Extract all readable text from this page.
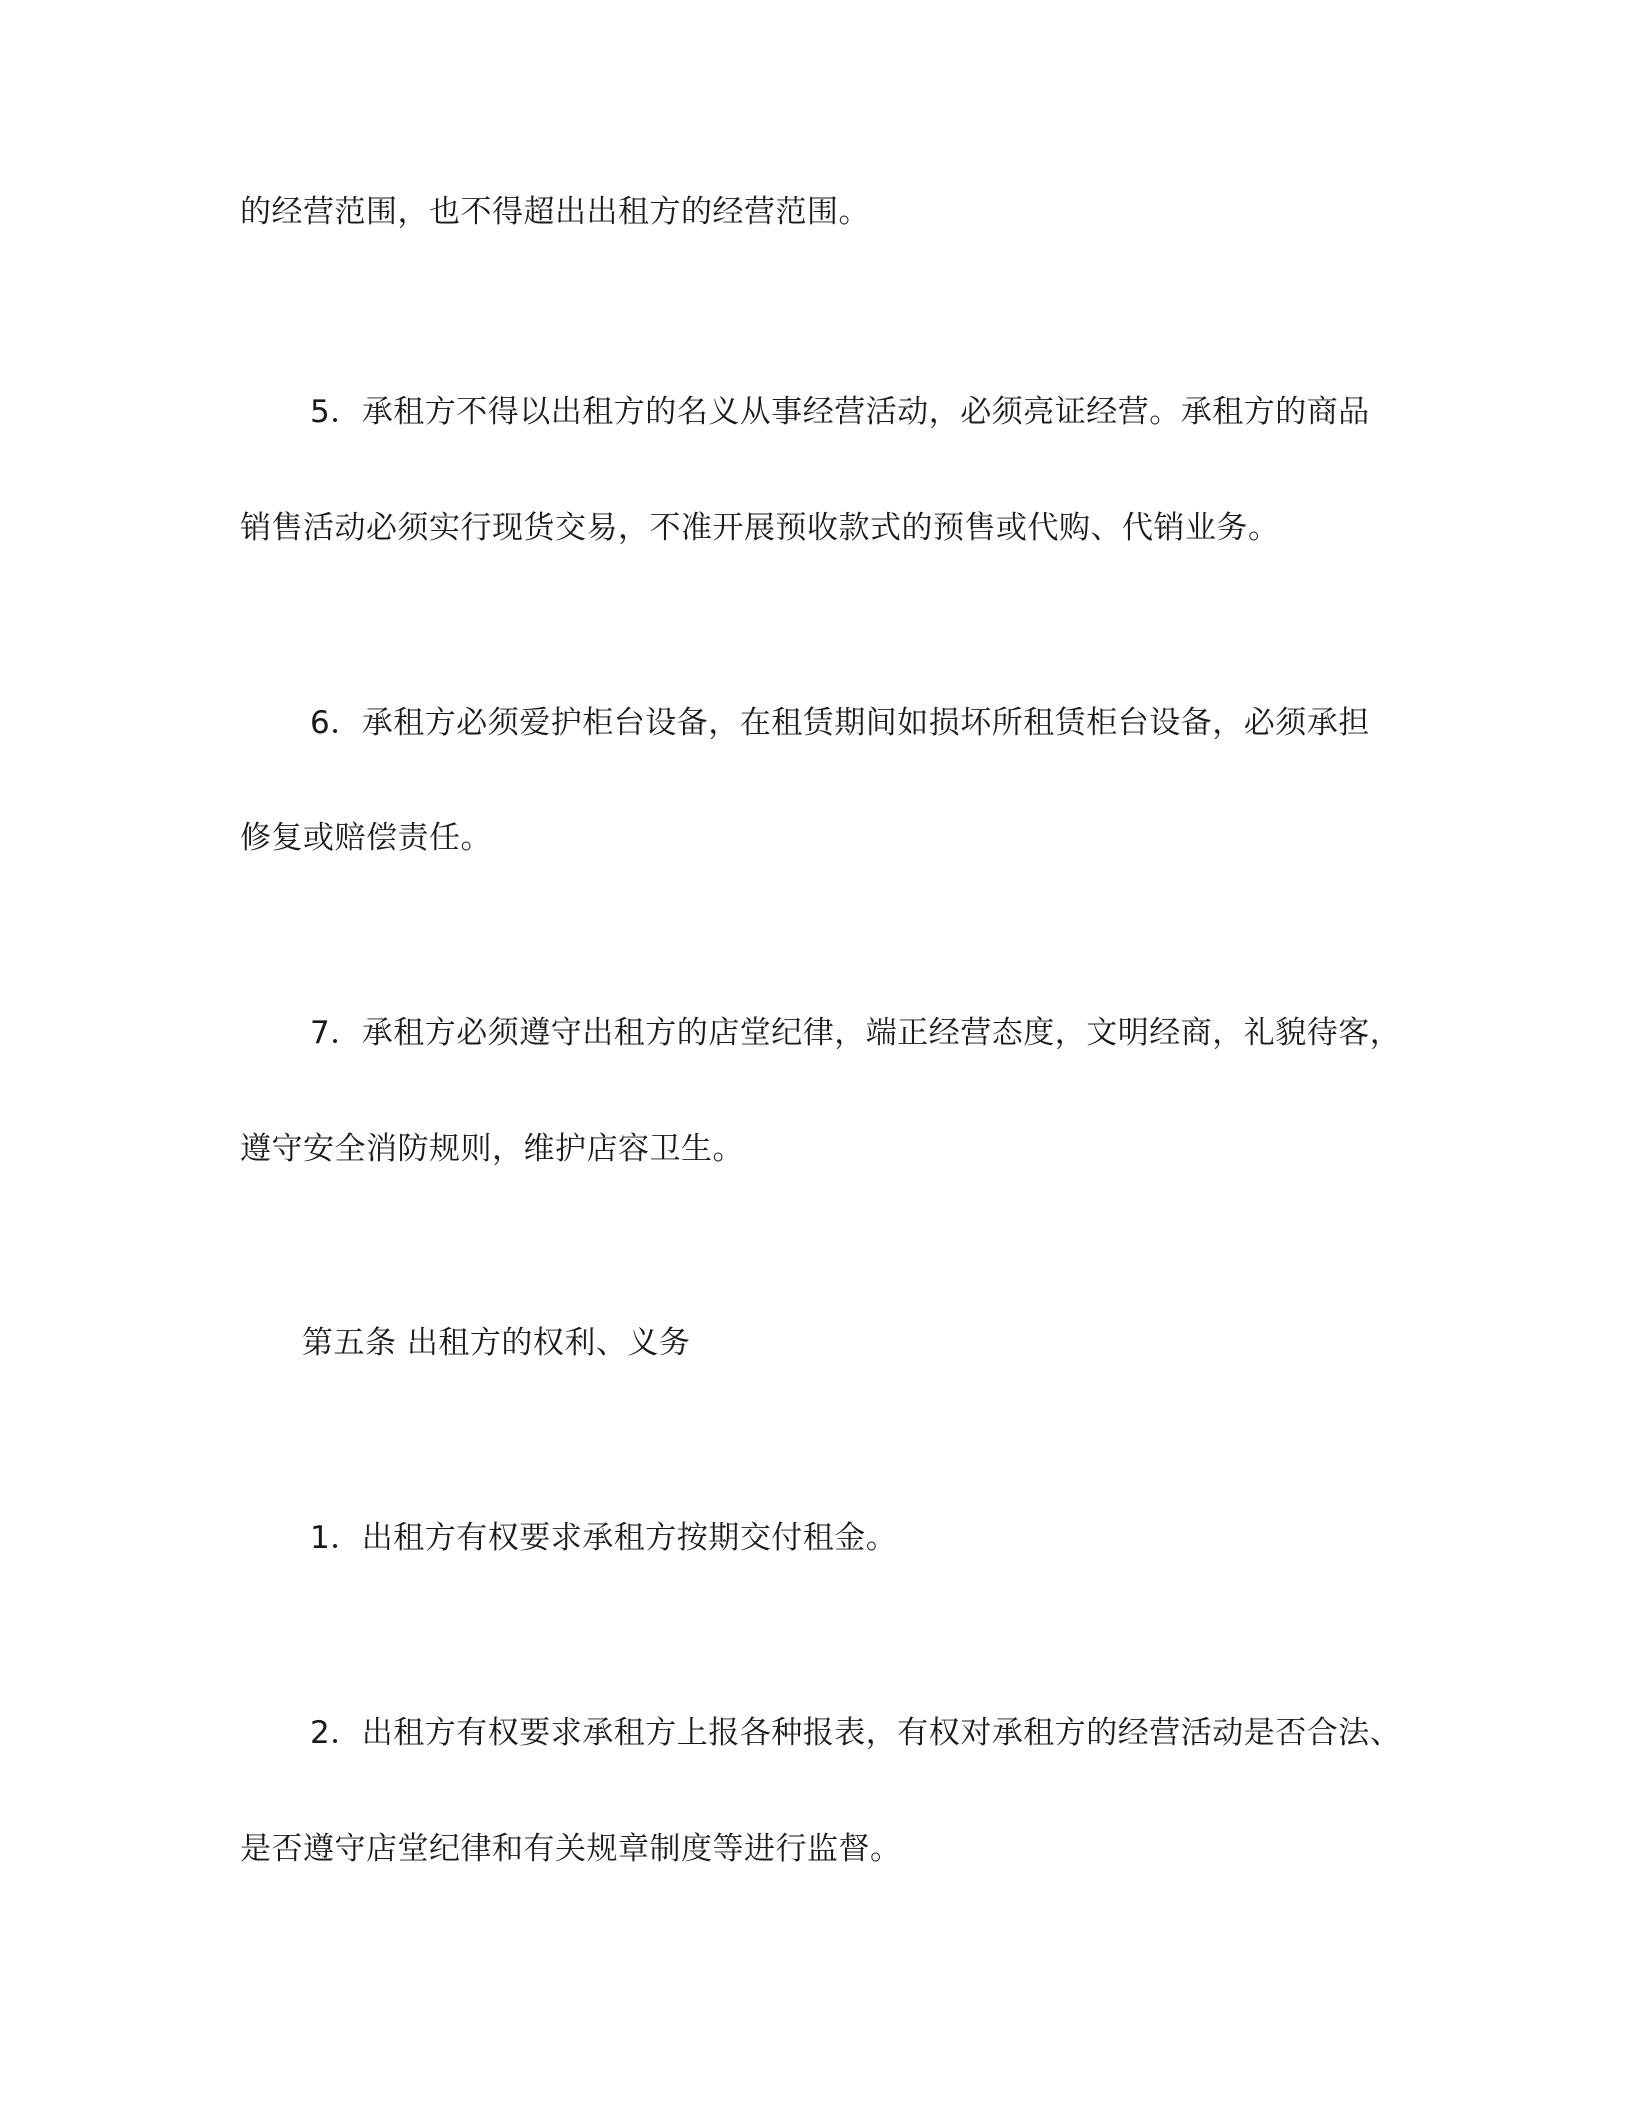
的经营范围，也不得超出出租方的经营范围。
5．承租方不得以出租方的名义从事经营活动，必须亮证经营。承租方的商品
销售活动必须实行现货交易，不准开展预收款式的预售或代购、代销业务。
6．承租方必须爱护柜台设备，在租赁期间如损坏所租赁柜台设备，必须承担
修复或赔偿责任。
7．承租方必须遵守出租方的店堂纪律，端正经营态度，文明经商，礼貌待客，
遵守安全消防规则，维护店容卫生。
第五条 出租方的权利、义务
1．出租方有权要求承租方按期交付租金。
2．出租方有权要求承租方上报各种报表，有权对承租方的经营活动是否合法、
是否遵守店堂纪律和有关规章制度等进行监督。
